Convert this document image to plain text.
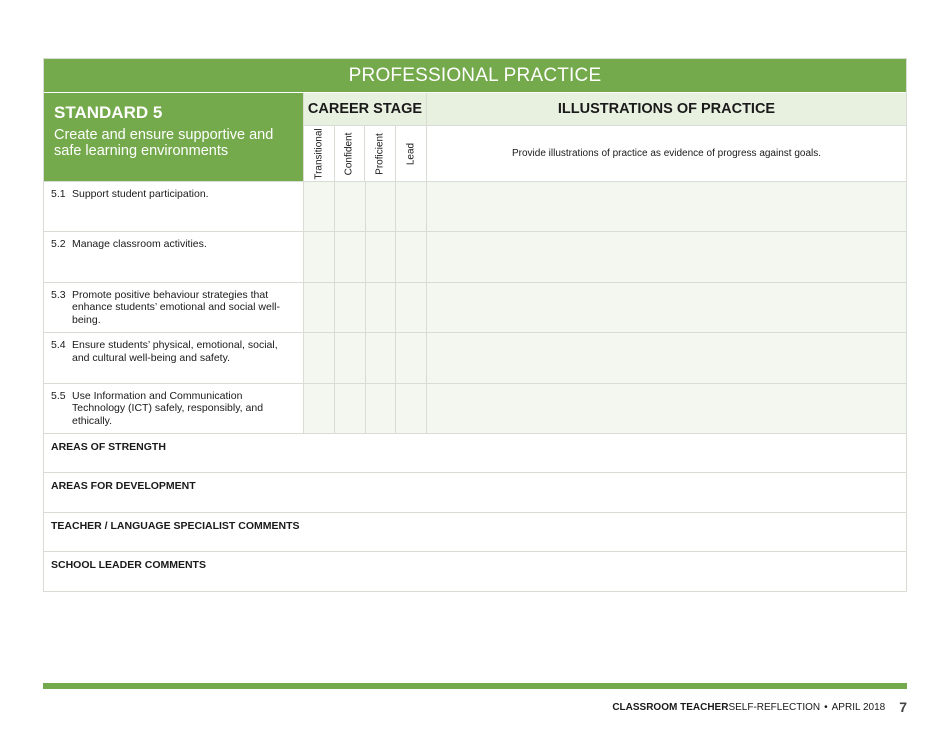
PROFESSIONAL PRACTICE
STANDARD 5
Create and ensure supportive and safe learning environments
CAREER STAGE
Transitional Confident Proficient Lead
ILLUSTRATIONS OF PRACTICE
Provide illustrations of practice as evidence of progress against goals.
5.1 Support student participation.
5.2 Manage classroom activities.
5.3 Promote positive behaviour strategies that enhance students’ emotional and social well-being.
5.4 Ensure students’ physical, emotional, social, and cultural well-being and safety.
5.5 Use Information and Communication Technology (ICT) safely, responsibly, and ethically.
AREAS OF STRENGTH
AREAS FOR DEVELOPMENT
TEACHER / LANGUAGE SPECIALIST COMMENTS
SCHOOL LEADER COMMENTS
CLASSROOM TEACHER SELF-REFLECTION • APRIL 2018 7
